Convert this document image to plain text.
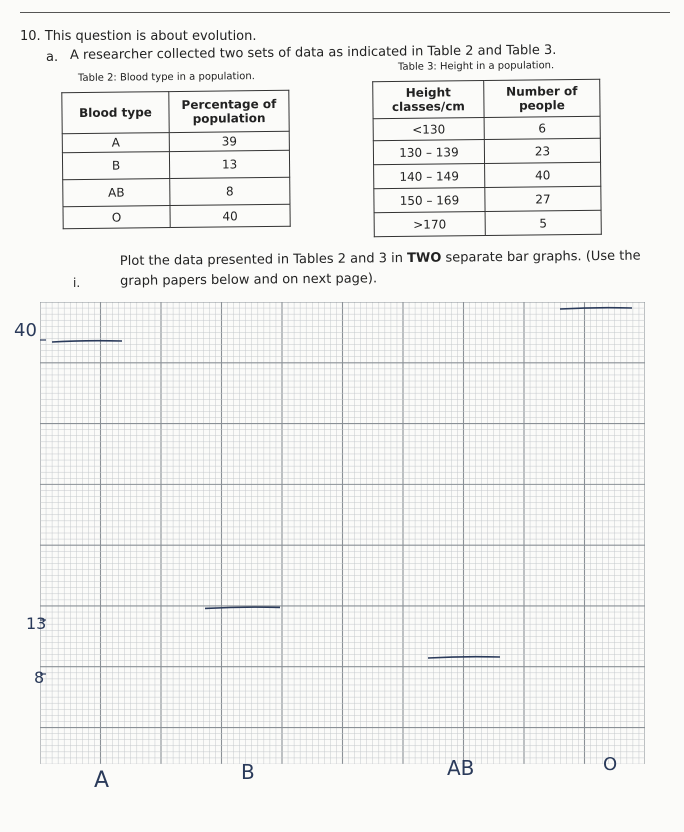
10. This question is about evolution.
a. A researcher collected two sets of data as indicated in Table 2 and Table 3.
Table 2: Blood type in a population.
Blood type	Percentage of population
A	39
B	13
AB	8
O	40
Table 3: Height in a population.
Height classes/cm	Number of people
<130	6
130 – 139	23
140 – 149	40
150 – 169	27
>170	5
i.
Plot the data presented in Tables 2 and 3 in TWO separate bar graphs. (Use the graph papers below and on next page).
40
13
8
A	B	AB	O
